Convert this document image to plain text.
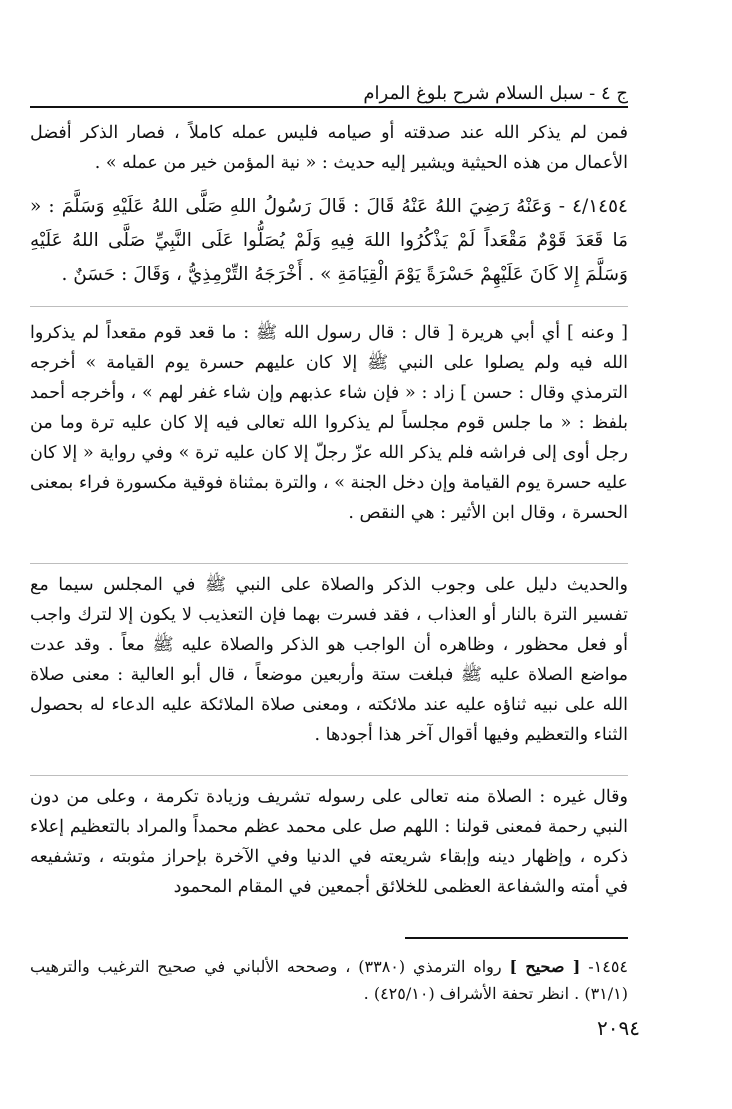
ج ٤ - سبل السلام شرح بلوغ المرام

فمن لم يذكر الله عند صدقته أو صيامه فليس عمله كاملاً ، فصار الذكر أفضل الأعمال من هذه الحيثية ويشير إليه حديث : « نية المؤمن خير من عمله » .

٤/١٤٥٤ - وَعَنْهُ رَضِيَ اللهُ عَنْهُ قَالَ : قَالَ رَسُولُ اللهِ صَلَّى اللهُ عَلَيْهِ وَسَلَّمَ : « مَا قَعَدَ قَوْمٌ مَقْعَداً لَمْ يَذْكُرُوا اللهَ فِيهِ وَلَمْ يُصَلُّوا عَلَى النَّبِيِّ صَلَّى اللهُ عَلَيْهِ وَسَلَّمَ إِلا كَانَ عَلَيْهِمْ حَسْرَةً يَوْمَ الْقِيَامَةِ » . أَخْرَجَهُ التِّرْمِذِيُّ ، وَقَالَ : حَسَنٌ .

[ وعنه ] أي أبي هريرة [ قال : قال رسول الله ﷺ : ما قعد قوم مقعداً لم يذكروا الله فيه ولم يصلوا على النبي ﷺ إلا كان عليهم حسرة يوم القيامة » أخرجه الترمذي وقال : حسن ] زاد : « فإن شاء عذبهم وإن شاء غفر لهم » ، وأخرجه أحمد بلفظ : « ما جلس قوم مجلساً لم يذكروا الله تعالى فيه إلا كان عليه ترة وما من رجل أوى إلى فراشه فلم يذكر الله عزّ رجلّ إلا كان عليه ترة » وفي رواية « إلا كان عليه حسرة يوم القيامة وإن دخل الجنة » ، والترة بمثناة فوقية مكسورة فراء بمعنى الحسرة ، وقال ابن الأثير : هي النقص .

والحديث دليل على وجوب الذكر والصلاة على النبي ﷺ في المجلس سيما مع تفسير الترة بالنار أو العذاب ، فقد فسرت بهما فإن التعذيب لا يكون إلا لترك واجب أو فعل محظور ، وظاهره أن الواجب هو الذكر والصلاة عليه ﷺ معاً . وقد عدت مواضع الصلاة عليه ﷺ فبلغت ستة وأربعين موضعاً ، قال أبو العالية : معنى صلاة الله على نبيه ثناؤه عليه عند ملائكته ، ومعنى صلاة الملائكة عليه الدعاء له بحصول الثناء والتعظيم وفيها أقوال آخر هذا أجودها .

وقال غيره : الصلاة منه تعالى على رسوله تشريف وزيادة تكرمة ، وعلى من دون النبي رحمة فمعنى قولنا : اللهم صل على محمد عظم محمداً والمراد بالتعظيم إعلاء ذكره ، وإظهار دينه وإبقاء شريعته في الدنيا وفي الآخرة بإحراز مثوبته ، وتشفيعه في أمته والشفاعة العظمى للخلائق أجمعين في المقام المحمود

١٤٥٤- [ صحيح ] رواه الترمذي (٣٣٨٠) ، وصححه الألباني في صحيح الترغيب والترهيب (٣١/١) . انظر تحفة الأشراف (٤٢٥/١٠) .

٢٠٩٤
